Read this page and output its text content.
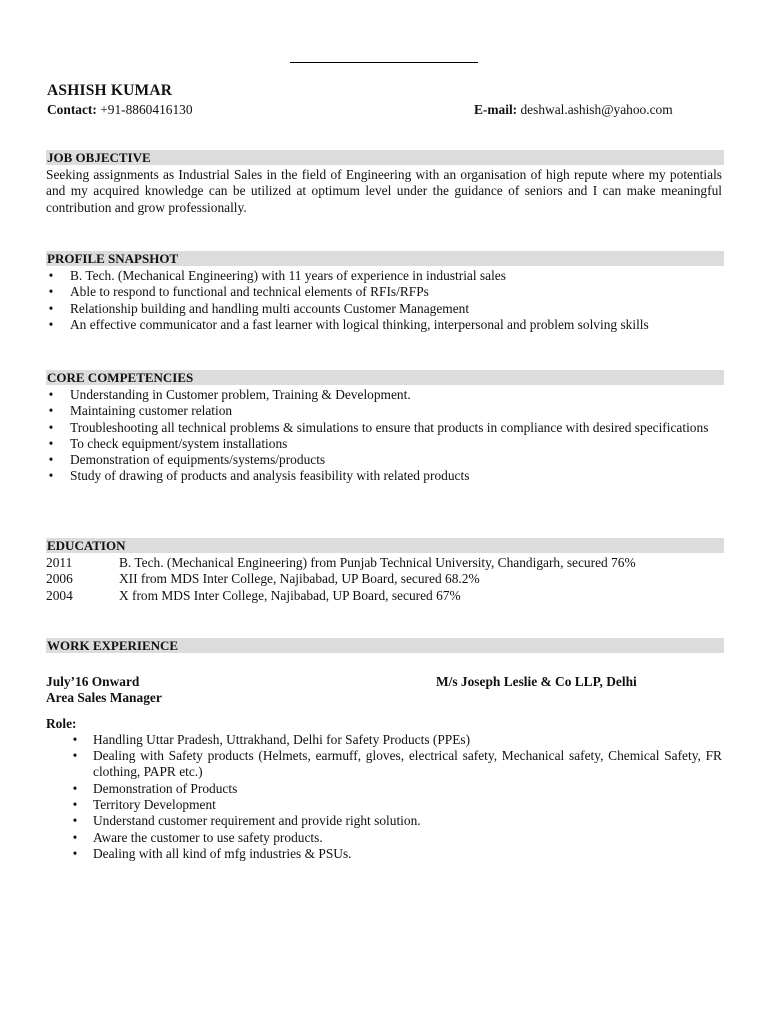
ASHISH KUMAR
Contact: +91-8860416130	E-mail: deshwal.ashish@yahoo.com
JOB OBJECTIVE
Seeking assignments as Industrial Sales in the field of Engineering with an organisation of high repute where my potentials and my acquired knowledge can be utilized at optimum level under the guidance of seniors and I can make meaningful contribution and grow professionally.
PROFILE SNAPSHOT
• B. Tech. (Mechanical Engineering) with 11 years of experience in industrial sales
• Able to respond to functional and technical elements of RFIs/RFPs
• Relationship building and handling multi accounts Customer Management
• An effective communicator and a fast learner with logical thinking, interpersonal and problem solving skills
CORE COMPETENCIES
• Understanding in Customer problem, Training & Development.
• Maintaining customer relation
• Troubleshooting all technical problems & simulations to ensure that products in compliance with desired specifications
• To check equipment/system installations
• Demonstration of equipments/systems/products
• Study of drawing of products and analysis feasibility with related products
EDUCATION
2011	B. Tech. (Mechanical Engineering) from Punjab Technical University, Chandigarh, secured 76%
2006	XII from MDS Inter College, Najibabad, UP Board, secured 68.2%
2004	X from MDS Inter College, Najibabad, UP Board, secured 67%
WORK EXPERIENCE
July’16 Onward	M/s Joseph Leslie & Co LLP, Delhi
Area Sales Manager
Role:
• Handling Uttar Pradesh, Uttrakhand, Delhi for Safety Products (PPEs)
• Dealing with Safety products (Helmets, earmuff, gloves, electrical safety, Mechanical safety, Chemical Safety, FR clothing, PAPR etc.)
• Demonstration of Products
• Territory Development
• Understand customer requirement and provide right solution.
• Aware the customer to use safety products.
• Dealing with all kind of mfg industries & PSUs.
